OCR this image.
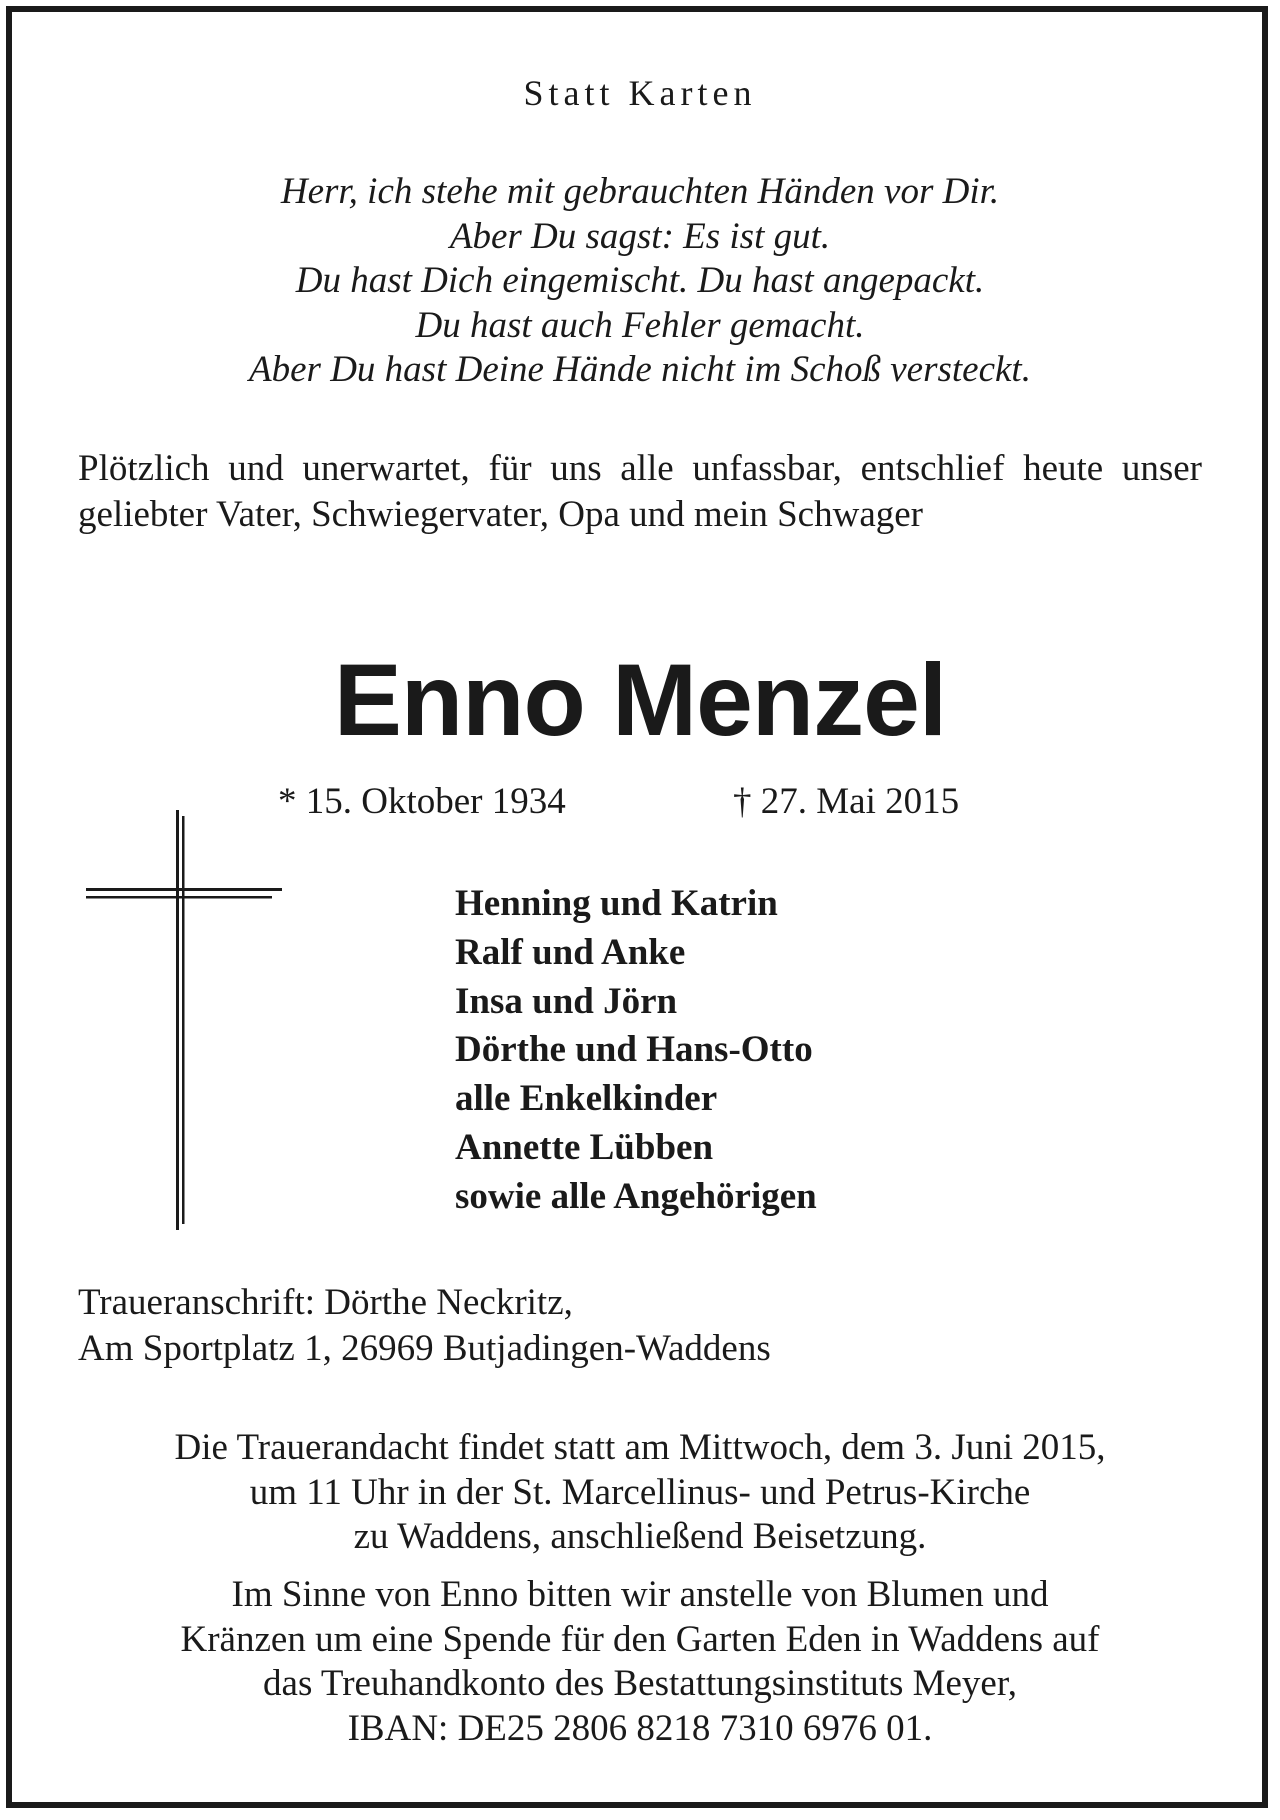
Statt Karten

Herr, ich stehe mit gebrauchten Händen vor Dir.
Aber Du sagst: Es ist gut.
Du hast Dich eingemischt. Du hast angepackt.
Du hast auch Fehler gemacht.
Aber Du hast Deine Hände nicht im Schoß versteckt.

Plötzlich und unerwartet, für uns alle unfassbar, entschlief heute unser geliebter Vater, Schwiegervater, Opa und mein Schwager

Enno Menzel
* 15. Oktober 1934	† 27. Mai 2015
Henning und Katrin
Ralf und Anke
Insa und Jörn
Dörthe und Hans-Otto
alle Enkelkinder
Annette Lübben
sowie alle Angehörigen
Traueranschrift: Dörthe Neckritz,
Am Sportplatz 1, 26969 Butjadingen-Waddens
Die Trauerandacht findet statt am Mittwoch, dem 3. Juni 2015,
um 11 Uhr in der St. Marcellinus- und Petrus-Kirche
zu Waddens, anschließend Beisetzung.
Im Sinne von Enno bitten wir anstelle von Blumen und
Kränzen um eine Spende für den Garten Eden in Waddens auf
das Treuhandkonto des Bestattungsinstituts Meyer,
IBAN: DE25 2806 8218 7310 6976 01.
